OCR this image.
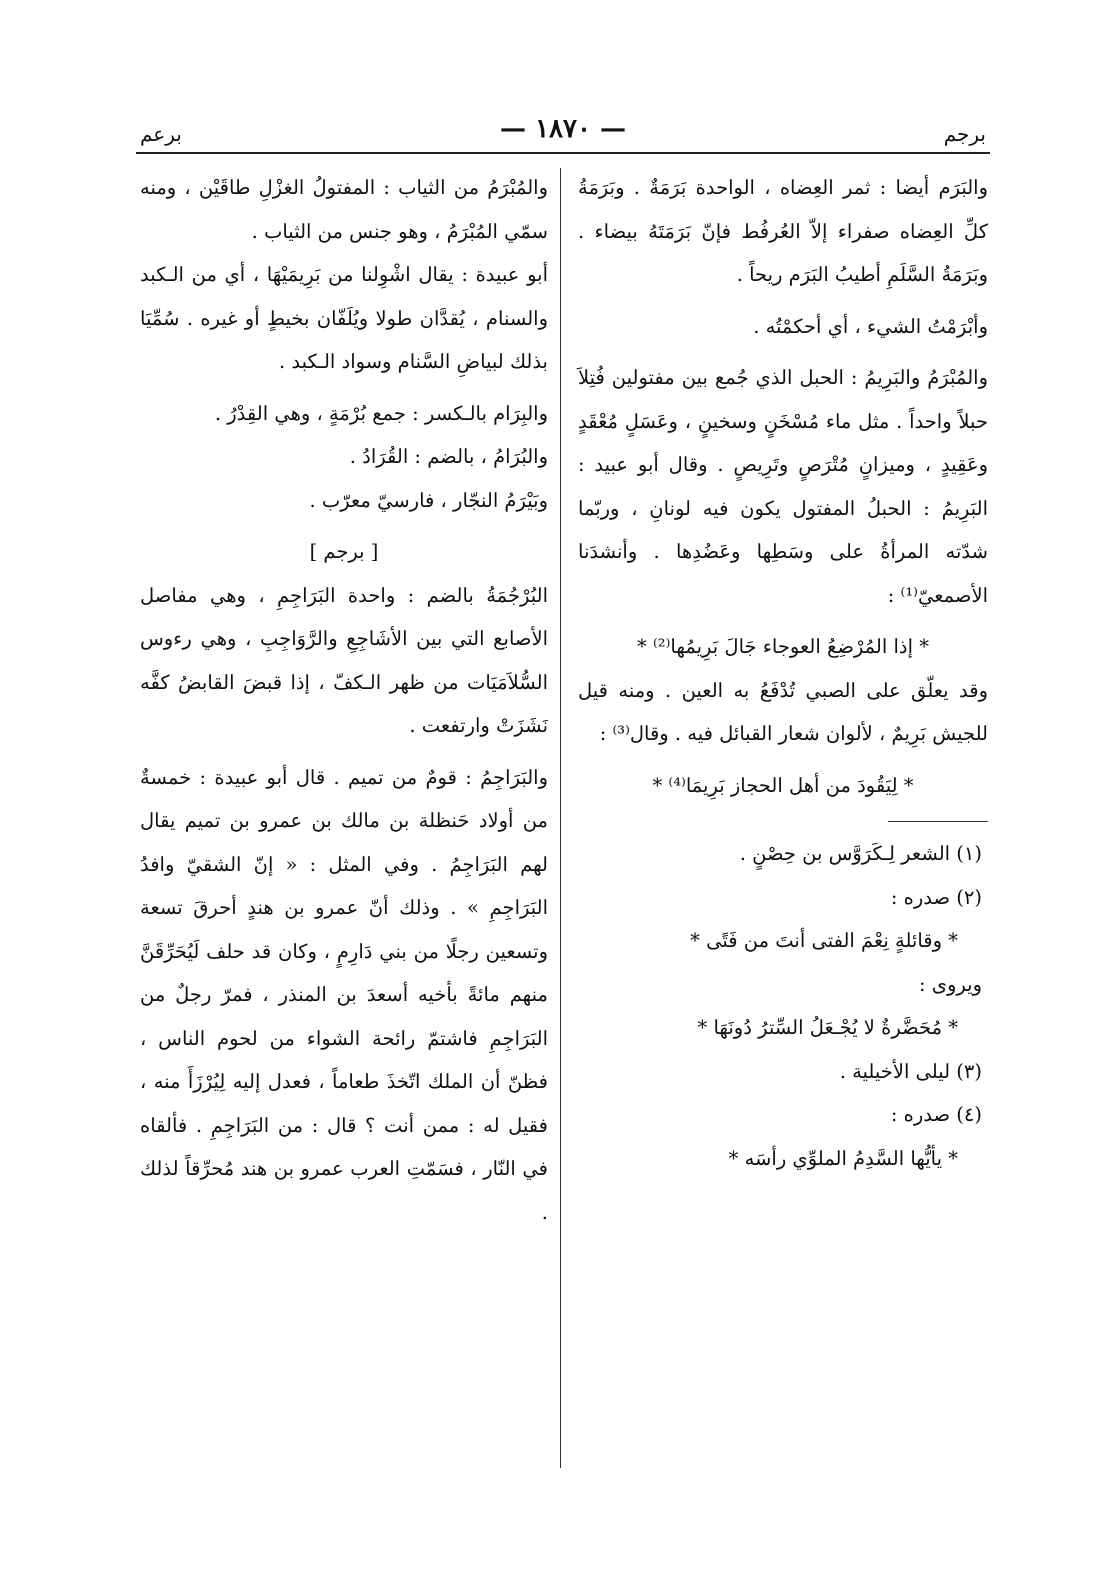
برجم
— ١٨٧٠ —
برعم

والبَرَم أيضا : ثمر العِضاه ، الواحدة بَرَمَةٌ . وبَرَمَةُ كلِّ العِضاه صفراء إلاّ العُرفُط فإنّ بَرَمَتَهُ بيضاء . وبَرَمَةُ السَّلَمِ أطيبُ البَرَم ريحاً .

وأبْرَمْتُ الشيء ، أي أحكمْتُه .

والمُبْرَمُ والبَرِيمُ : الحبل الذي جُمع بين مفتولين فُتِلاَ حبلاً واحداً . مثل ماء مُسْخَنٍ وسخينٍ ، وعَسَلٍ مُعْقَدٍ وعَقِيدٍ ، وميزانٍ مُتْرَصٍ وتَرِيصٍ . وقال أبو عبيد : البَرِيمُ : الحبلُ المفتول يكون فيه لونانِ ، وربّما شدّته المرأةُ على وسَطِها وعَضُدِها . وأنشدَنا الأصمعيّ⁽¹⁾ :

* إذا المُرْضِعُ العوجاء جَالَ بَرِيمُها⁽²⁾ *

وقد يعلّق على الصبي تُدْفَعُ به العين . ومنه قيل للجيش بَرِيمٌ ، لألوان شعار القبائل فيه . وقال⁽³⁾ :

* لِيَقُودَ من أهل الحجاز بَرِيمَا⁽⁴⁾ *

(١) الشعر لِـكَرَوَّس بن حِصْنٍ .

(٢) صدره :

* وقائلةٍ نِعْمَ الفتى أنتَ من فَتًى *

ويروى :

* مُحَضَّرةٌ لا يُجْـعَلُ السِّترُ دُونَهَا *

(٣) ليلى الأخيلية .

(٤) صدره :

* يأيُّها السَّدِمُ الملوِّي رأسَه *

والمُبْرَمُ من الثياب : المفتولُ الغزْلِ طاقَيْن ، ومنه سمّي المُبْرَمُ ، وهو جنس من الثياب .

أبو عبيدة : يقال اشْوِلنا من بَرِيمَيْهَا ، أي من الـكبد والسنام ، يُقدَّان طولا ويُلَفّان بخيطٍ أو غيره . سُمِّيَا بذلك لبياضِ السَّنام وسواد الـكبد .

والبِرَام بالـكسر : جمع بُرْمَةٍ ، وهي القِدْرُ .

والبُرَامُ ، بالضم : القُرَادُ .

وبَيْرَمُ النجّار ، فارسيّ معرّب .

[ برجم ]

البُرْجُمَةُ بالضم : واحدة البَرَاجِمِ ، وهي مفاصل الأصابع التي بين الأشَاجِعِ والرَّوَاجِبِ ، وهي رءوس السُّلاَمَيَات من ظهر الـكفّ ، إذا قبضَ القابضُ كفَّه نَشَزَتْ وارتفعت .

والبَرَاجِمُ : قومٌ من تميم . قال أبو عبيدة : خمسةٌ من أولاد حَنظلة بن مالك بن عمرو بن تميم يقال لهم البَرَاجِمُ . وفي المثل : « إنّ الشقيّ وافدُ البَرَاجِمِ » . وذلك أنّ عمرو بن هندٍ أحرقَ تسعة وتسعين رجلًا من بني دَارِمٍ ، وكان قد حلف لَيُحَرِّقَنَّ منهم مائةً بأخيه أسعدَ بن المنذر ، فمرّ رجلٌ من البَرَاجِمِ فاشتمّ رائحة الشواء من لحوم الناس ، فظنّ أن الملك اتّخذَ طعاماً ، فعدل إليه لِيُرْزَأَ منه ، فقيل له : ممن أنت ؟ قال : من البَرَاجِمِ . فألقاه في النّار ، فسَمّتِ العرب عمرو بن هند مُحرِّقاً لذلك .
